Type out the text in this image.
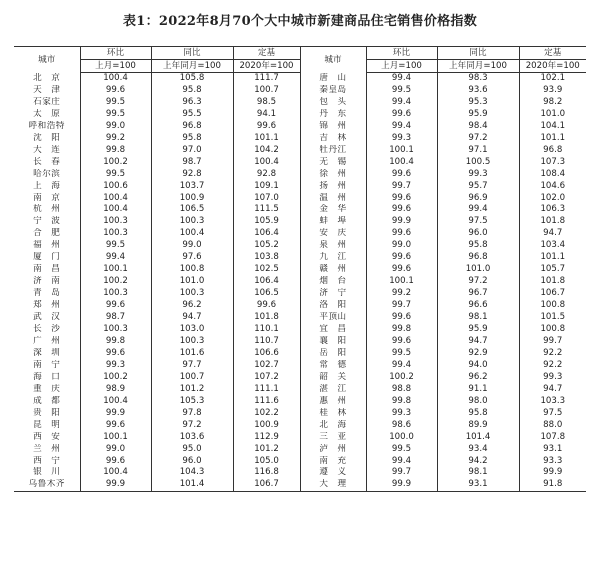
表1：2022年8月70个大中城市新建商品住宅销售价格指数
城市	环比	同比	定基	城市	环比	同比	定基
	上月=100	上年同月=100	2020年=100		上月=100	上年同月=100	2020年=100
北　京	100.4	105.8	111.7	唐　山	99.4	98.3	102.1
天　津	99.6	95.8	100.7	秦皇岛	99.5	93.6	93.9
石家庄	99.5	96.3	98.5	包　头	99.4	95.3	98.2
太　原	99.5	95.5	94.1	丹　东	99.6	95.9	101.0
呼和浩特	99.0	96.8	99.6	锦　州	99.4	98.4	104.1
沈　阳	99.2	95.8	101.1	吉　林	99.3	97.2	101.1
大　连	99.8	97.0	104.2	牡丹江	100.1	97.1	96.8
长　春	100.2	98.7	100.4	无　锡	100.4	100.5	107.3
哈尔滨	99.5	92.8	92.8	徐　州	99.6	99.3	108.4
上　海	100.6	103.7	109.1	扬　州	99.7	95.7	104.6
南　京	100.4	100.9	107.0	温　州	99.6	96.9	102.0
杭　州	100.4	106.5	111.5	金　华	99.6	99.4	106.3
宁　波	100.3	100.3	105.9	蚌　埠	99.9	97.5	101.8
合　肥	100.3	100.4	106.4	安　庆	99.6	96.0	94.7
福　州	99.5	99.0	105.2	泉　州	99.0	95.8	103.4
厦　门	99.4	97.6	103.8	九　江	99.6	96.8	101.1
南　昌	100.1	100.8	102.5	赣　州	99.6	101.0	105.7
济　南	100.2	101.0	106.4	烟　台	100.1	97.2	101.8
青　岛	100.3	100.3	106.5	济　宁	99.2	96.7	106.7
郑　州	99.6	96.2	99.6	洛　阳	99.7	96.6	100.8
武　汉	98.7	94.7	101.8	平顶山	99.6	98.1	101.5
长　沙	100.3	103.0	110.1	宜　昌	99.8	95.9	100.8
广　州	99.8	100.3	110.7	襄　阳	99.6	94.7	99.7
深　圳	99.6	101.6	106.6	岳　阳	99.5	92.9	92.2
南　宁	99.3	97.7	102.7	常　德	99.4	94.0	92.2
海　口	100.2	100.7	107.2	韶　关	100.2	96.2	99.3
重　庆	98.9	101.2	111.1	湛　江	98.8	91.1	94.7
成　都	100.4	105.3	111.6	惠　州	99.8	98.0	103.3
贵　阳	99.9	97.8	102.2	桂　林	99.3	95.8	97.5
昆　明	99.6	97.2	100.9	北　海	98.6	89.9	88.0
西　安	100.1	103.6	112.9	三　亚	100.0	101.4	107.8
兰　州	99.0	95.0	101.2	泸　州	99.5	93.4	93.1
西　宁	99.6	96.0	105.0	南　充	99.4	94.2	93.3
银　川	100.4	104.3	116.8	遵　义	99.7	98.1	99.9
乌鲁木齐	99.9	101.4	106.7	大　理	99.9	93.1	91.8
